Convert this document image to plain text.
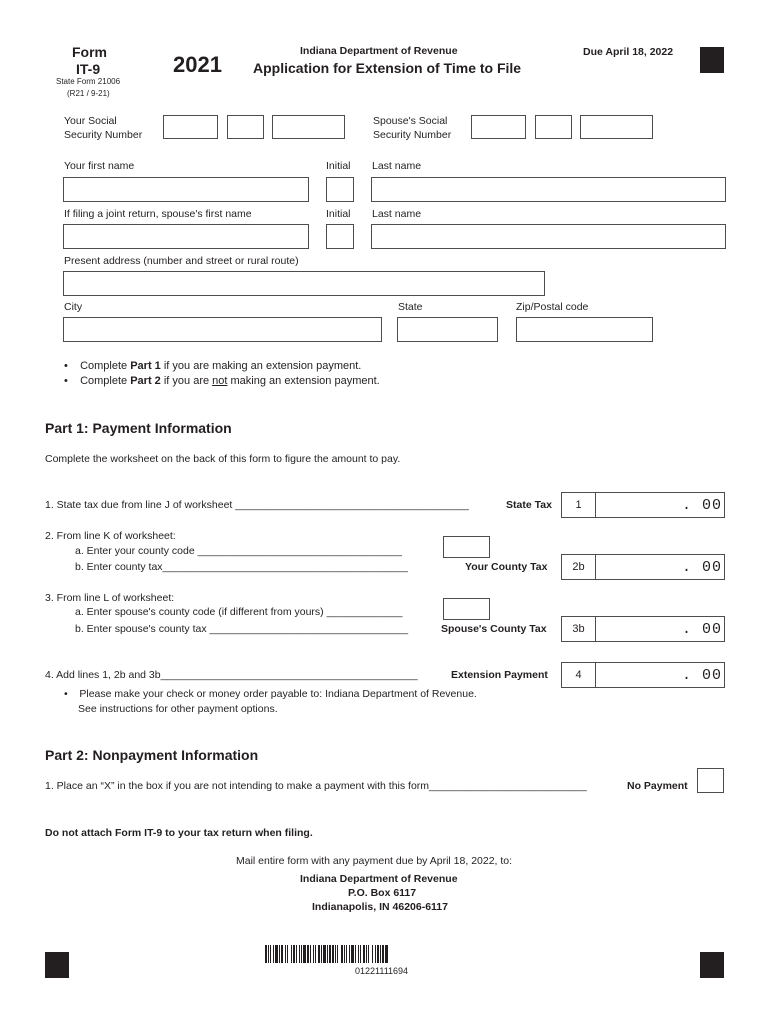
Form
IT-9
State Form 21006
(R21 / 9-21)
2021
Indiana Department of Revenue
Application for Extension of Time to File
Due April 18, 2022
Your Social
Security Number
Spouse's Social
Security Number
Your first name	Initial Last name
If filing a joint return, spouse's first name	Initial Last name
Present address (number and street or rural route)
City	State	Zip/Postal code
•    Complete Part 1 if you are making an extension payment.
•    Complete Part 2 if you are not making an extension payment.
Part 1: Payment Information
Complete the worksheet on the back of this form to figure the amount to pay.
1. State tax due from line J of worksheet ________________________________________	State Tax	1	. 00
2. From line K of worksheet:
a. Enter your county code ___________________________________
b. Enter county tax__________________________________________	Your County Tax	2b	. 00
3. From line L of worksheet:
a. Enter spouse's county code (if different from yours) _____________
b. Enter spouse's county tax __________________________________	Spouse's County Tax	3b	. 00
4. Add lines 1, 2b and 3b____________________________________________	Extension Payment	4	. 00
•    Please make your check or money order payable to: Indiana Department of Revenue.
See instructions for other payment options.
Part 2: Nonpayment Information
1. Place an “X” in the box if you are not intending to make a payment with this form___________________________	No Payment
Do not attach Form IT-9 to your tax return when filing.
Mail entire form with any payment due by April 18, 2022, to:
Indiana Department of Revenue
P.O. Box 6117
Indianapolis, IN 46206-6117
01221111694
